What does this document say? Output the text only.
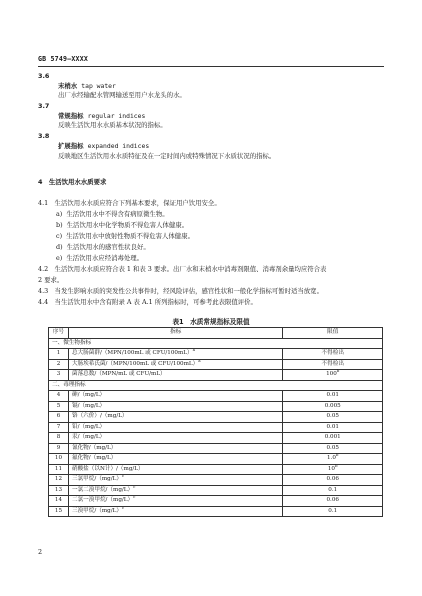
GB 5749—XXXX
3.6
末梢水 tap water
出厂水经输配水管网输送至用户水龙头的水。
3.7
常规指标 regular indices
反映生活饮用水水质基本状况的指标。
3.8
扩展指标 expanded indices
反映地区生活饮用水水质特征及在一定时间内或特殊情况下水质状况的指标。
4　生活饮用水水质要求
4.1　生活饮用水水质应符合下列基本要求，保证用户饮用安全。
a) 生活饮用水中不得含有病原微生物。
b) 生活饮用水中化学物质不得危害人体健康。
c) 生活饮用水中放射性物质不得危害人体健康。
d) 生活饮用水的感官性状良好。
e) 生活饮用水应经消毒处理。
4.2　生活饮用水水质应符合表 1 和表 3 要求。出厂水和末梢水中消毒剂限值、消毒剂余量均应符合表
2 要求。
4.3　当发生影响水质的突发性公共事件时，经风险评估，感官性状和一般化学指标可暂时适当放宽。
4.4　当生活饮用水中含有附录 A 表 A.1 所列指标时，可参考此表限值评价。
表1　水质常规指标及限值
序号	指标	限值
一、微生物指标		
1	总大肠菌群/（MPN/100mL 或 CFU/100mL）$^a$	不得检出
2	大肠埃希氏菌/（MPN/100mL 或 CFU/100mL）$^a$	不得检出
3	菌落总数/（MPN/mL 或 CFU/mL）	100$^b$
二、毒理指标		
4	砷/（mg/L）	0.01
5	镉/（mg/L）	0.005
6	铬（六价）/（mg/L）	0.05
7	铅/（mg/L）	0.01
8	汞/（mg/L）	0.001
9	氰化物/（mg/L）	0.05
10	氟化物/（mg/L）	1.0$^b$
11	硝酸盐（以N计）/（mg/L）	10$^b$
12	三氯甲烷$/(mg/L)^c$	0.06
13	一氯二溴甲烷$/(mg/L)^c$	0.1
14	二氯一溴甲烷$/(mg/L)^c$	0.06
15	三溴甲烷$/(mg/L)^c$	0.1
2
